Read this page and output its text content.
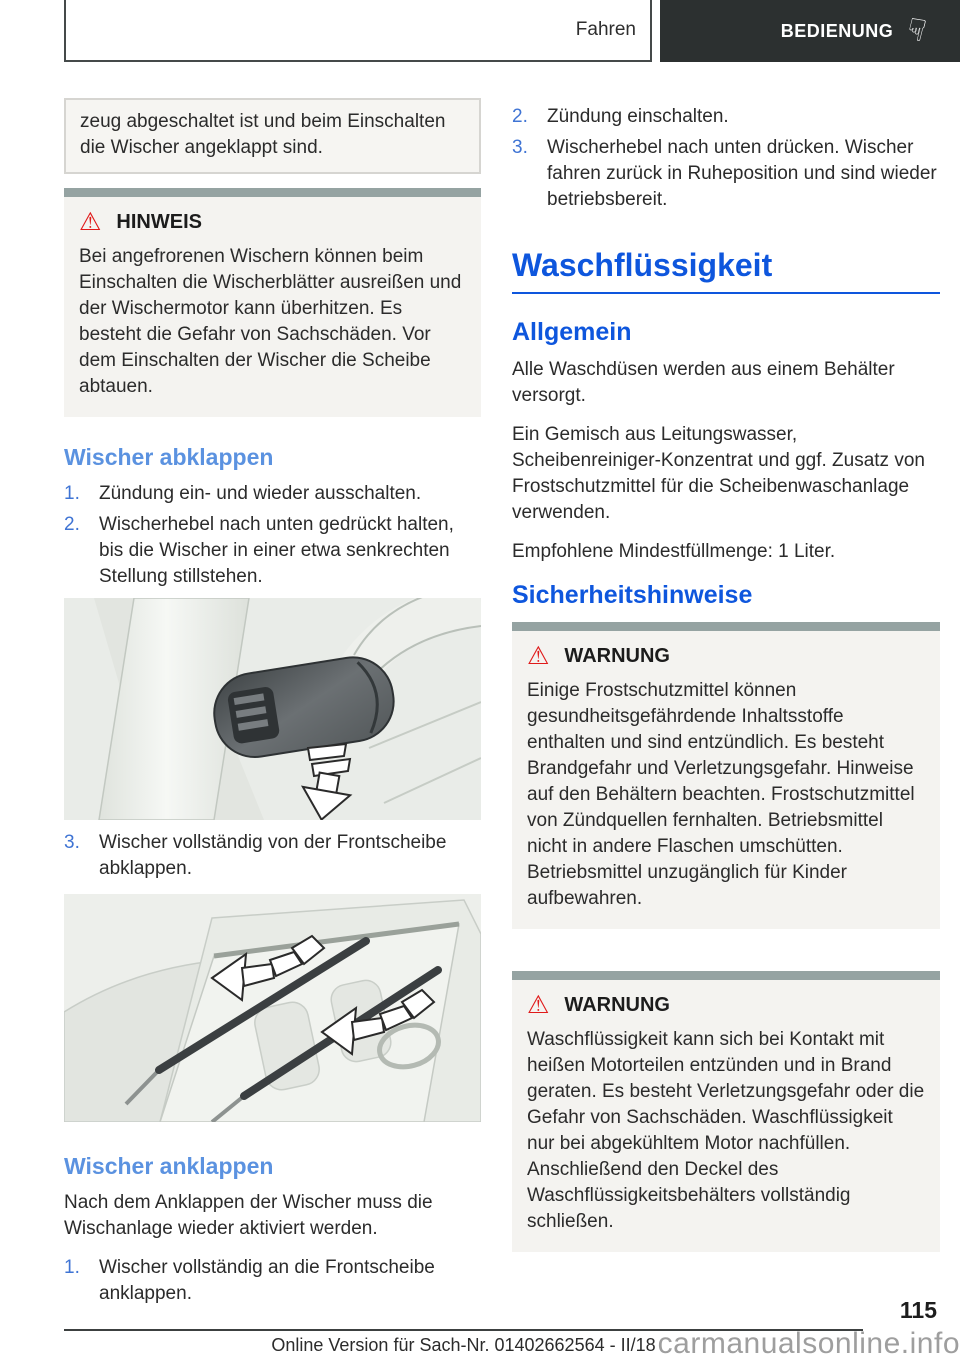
Fahren	BEDIENUNG ☟
zeug abgeschaltet ist und beim Einschalten die Wischer angeklappt sind.
⚠ HINWEIS

Bei angefrorenen Wischern können beim Einschalten die Wischerblätter ausreißen und der Wischermotor kann überhitzen. Es besteht die Gefahr von Sachschäden. Vor dem Einschalten der Wischer die Scheibe abtauen.

Wischer abklappen
1.	Zündung ein- und wieder ausschalten.
2.	Wischerhebel nach unten gedrückt halten, bis die Wischer in einer etwa senkrechten Stellung stillstehen.
3.	Wischer vollständig von der Frontscheibe abklappen.
Wischer anklappen

Nach dem Anklappen der Wischer muss die Wischanlage wieder aktiviert werden.

1.	Wischer vollständig an die Frontscheibe anklappen.
2.	Zündung einschalten.
3.	Wischerhebel nach unten drücken. Wischer fahren zurück in Ruheposition und sind wieder betriebsbereit.
Waschflüssigkeit
Allgemein

Alle Waschdüsen werden aus einem Behälter versorgt.

Ein Gemisch aus Leitungswasser, Scheibenreiniger-Konzentrat und ggf. Zusatz von Frostschutzmittel für die Scheibenwaschanlage verwenden.

Empfohlene Mindestfüllmenge: 1 Liter.

Sicherheitshinweise
⚠ WARNUNG

Einige Frostschutzmittel können gesundheitsgefährdende Inhaltsstoffe enthalten und sind entzündlich. Es besteht Brandgefahr und Verletzungsgefahr. Hinweise auf den Behältern beachten. Frostschutzmittel von Zündquellen fernhalten. Betriebsmittel nicht in andere Flaschen umschütten. Betriebsmittel unzugänglich für Kinder aufbewahren.

⚠ WARNUNG

Waschflüssigkeit kann sich bei Kontakt mit heißen Motorteilen entzünden und in Brand geraten. Es besteht Verletzungsgefahr oder die Gefahr von Sachschäden. Waschflüssigkeit nur bei abgekühltem Motor nachfüllen. Anschließend den Deckel des Waschflüssigkeitsbehälters vollständig schließen.

115
Online Version für Sach-Nr. 01402662564 - II/18 carmanualsonline.info
